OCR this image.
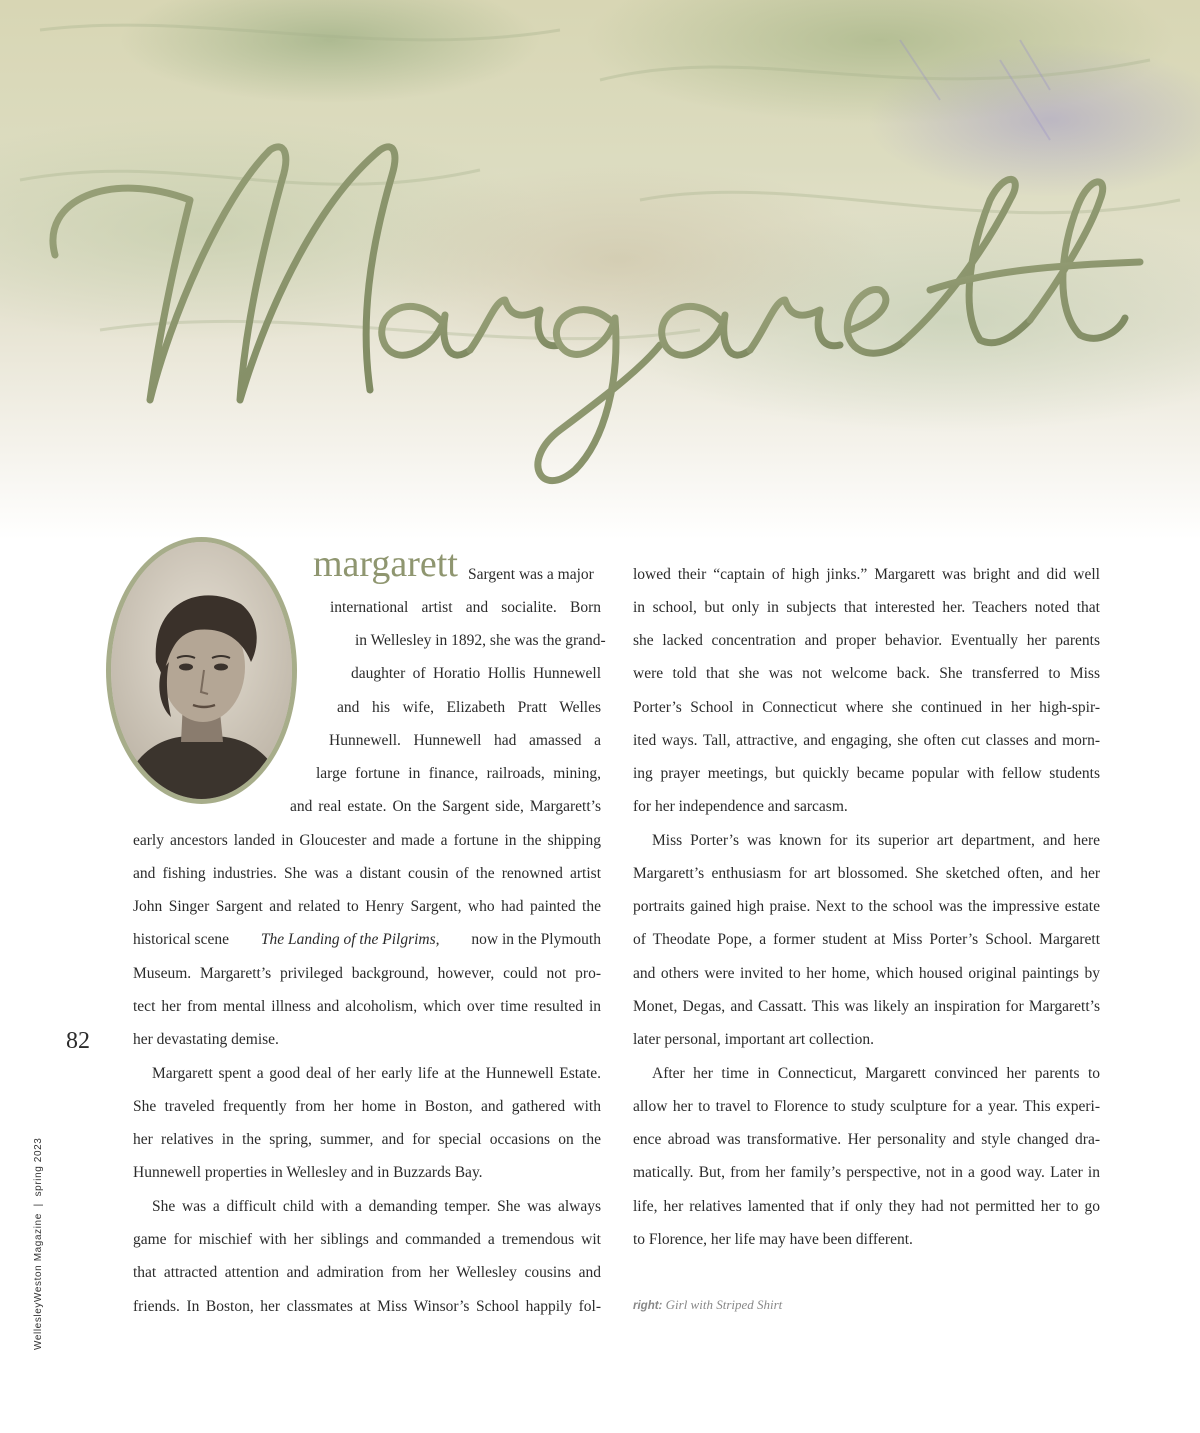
margarett Sargent was a major
international artist and socialite. Born
in Wellesley in 1892, she was the grand-
daughter of Horatio Hollis Hunnewell
and his wife, Elizabeth Pratt Welles
Hunnewell. Hunnewell had amassed a
large fortune in finance, railroads, mining,
and real estate. On the Sargent side, Margarett’s
early ancestors landed in Gloucester and made a fortune in the shipping
and fishing industries. She was a distant cousin of the renowned artist
John Singer Sargent and related to Henry Sargent, who had painted the
historical scene The Landing of the Pilgrims, now in the Plymouth
Museum. Margarett’s privileged background, however, could not pro-
tect her from mental illness and alcoholism, which over time resulted in
her devastating demise.
Margarett spent a good deal of her early life at the Hunnewell Estate.
She traveled frequently from her home in Boston, and gathered with
her relatives in the spring, summer, and for special occasions on the
Hunnewell properties in Wellesley and in Buzzards Bay.
She was a difficult child with a demanding temper. She was always
game for mischief with her siblings and commanded a tremendous wit
that attracted attention and admiration from her Wellesley cousins and
friends. In Boston, her classmates at Miss Winsor’s School happily fol-
lowed their “captain of high jinks.” Margarett was bright and did well
in school, but only in subjects that interested her. Teachers noted that
she lacked concentration and proper behavior. Eventually her parents
were told that she was not welcome back. She transferred to Miss
Porter’s School in Connecticut where she continued in her high-spir-
ited ways. Tall, attractive, and engaging, she often cut classes and morn-
ing prayer meetings, but quickly became popular with fellow students
for her independence and sarcasm.
Miss Porter’s was known for its superior art department, and here
Margarett’s enthusiasm for art blossomed. She sketched often, and her
portraits gained high praise. Next to the school was the impressive estate
of Theodate Pope, a former student at Miss Porter’s School. Margarett
and others were invited to her home, which housed original paintings by
Monet, Degas, and Cassatt. This was likely an inspiration for Margarett’s
later personal, important art collection.
After her time in Connecticut, Margarett convinced her parents to
allow her to travel to Florence to study sculpture for a year. This experi-
ence abroad was transformative. Her personality and style changed dra-
matically. But, from her family’s perspective, not in a good way. Later in
life, her relatives lamented that if only they had not permitted her to go
to Florence, her life may have been different.
right: Girl with Striped Shirt
WellesleyWeston Magazine  |  spring 2023
82
